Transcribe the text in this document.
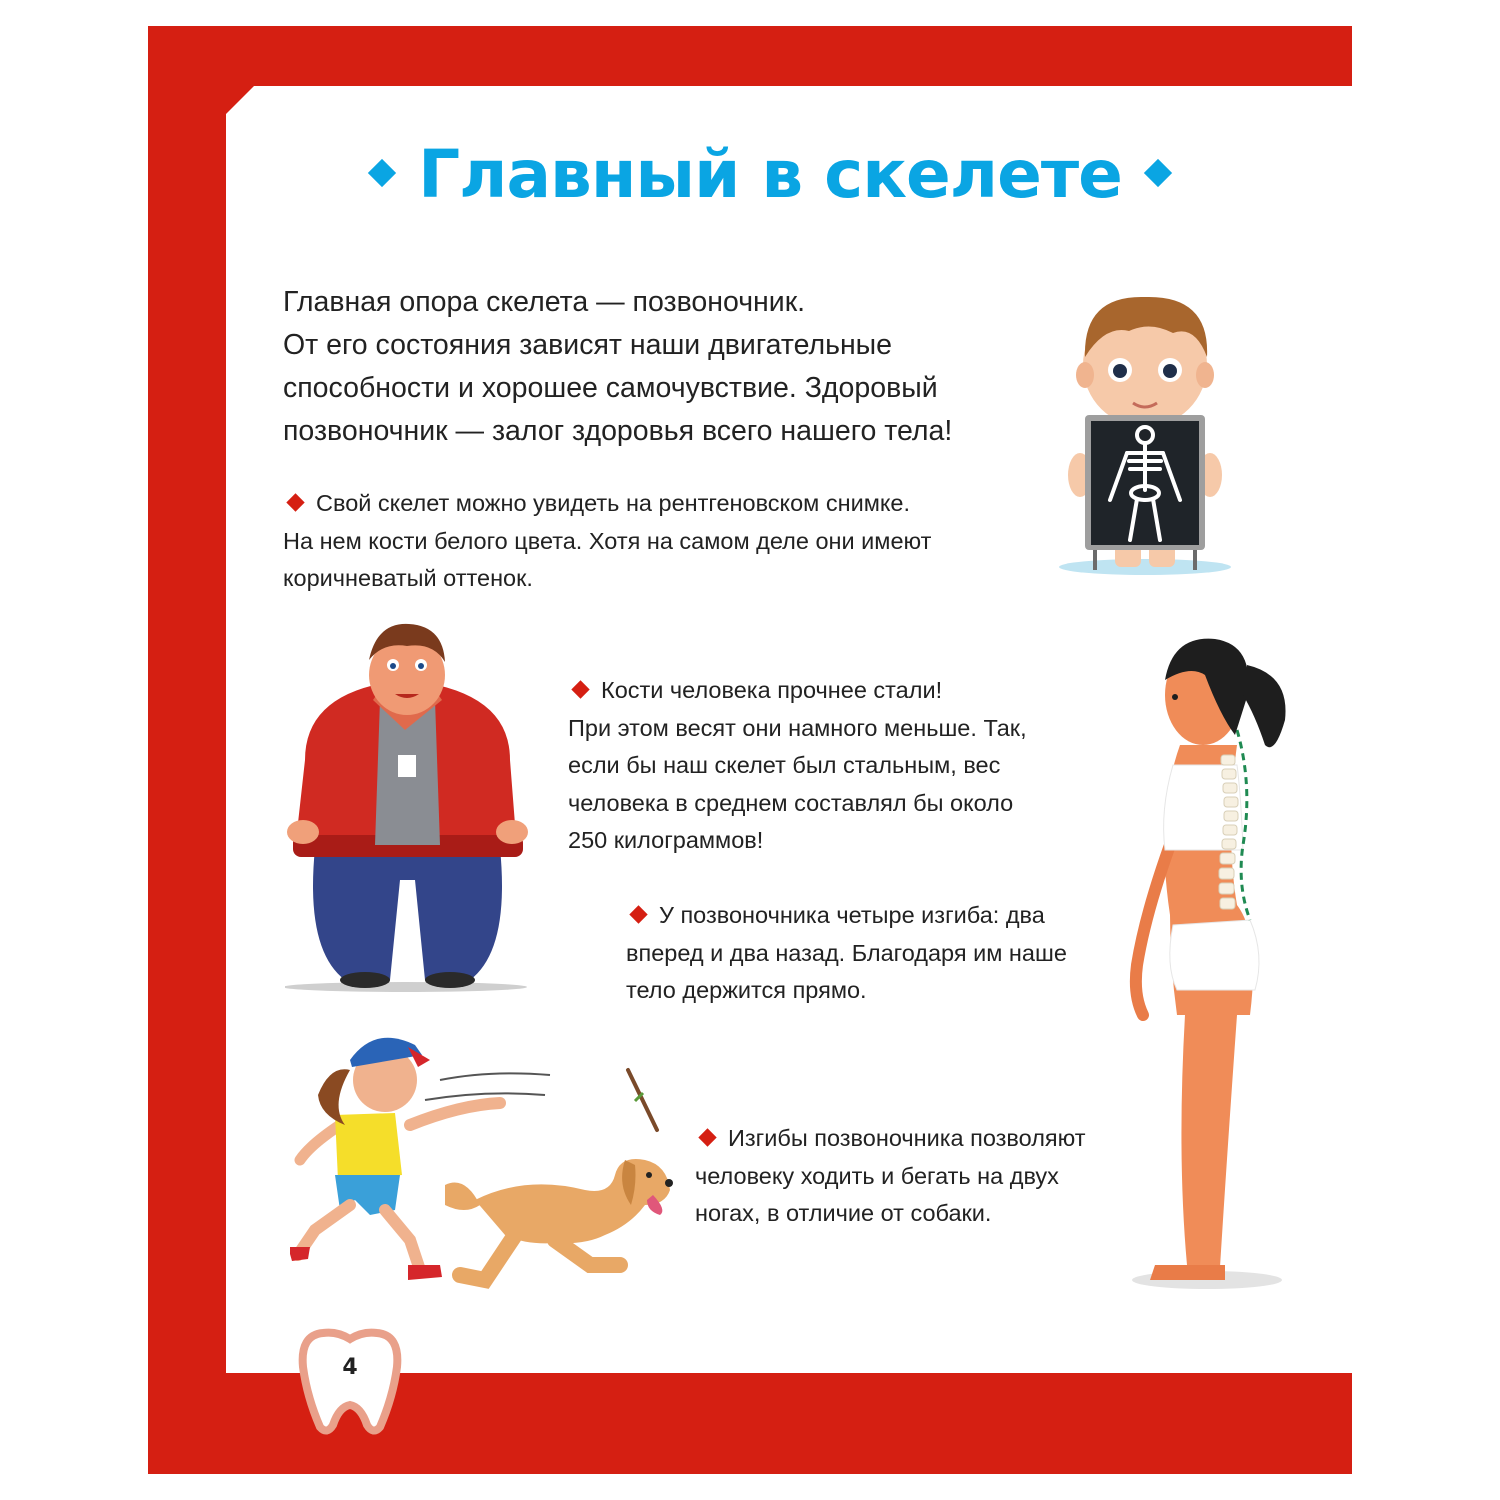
Главный в скелете
Главная опора скелета — позвоночник.
От его состояния зависят наши двигательные
способности и хорошее самочувствие. Здоровый
позвоночник — залог здоровья всего нашего тела!
Свой скелет можно увидеть на рентгеновском снимке.
На нем кости белого цвета. Хотя на самом деле они имеют
коричневатый оттенок.
Кости человека прочнее стали!
При этом весят они намного меньше. Так,
если бы наш скелет был стальным, вес
человека в среднем составлял бы около
250 килограммов!
У позвоночника четыре изгиба: два
вперед и два назад. Благодаря им наше
тело держится прямо.
Изгибы позвоночника позволяют
человеку ходить и бегать на двух
ногах, в отличие от собаки.
4
